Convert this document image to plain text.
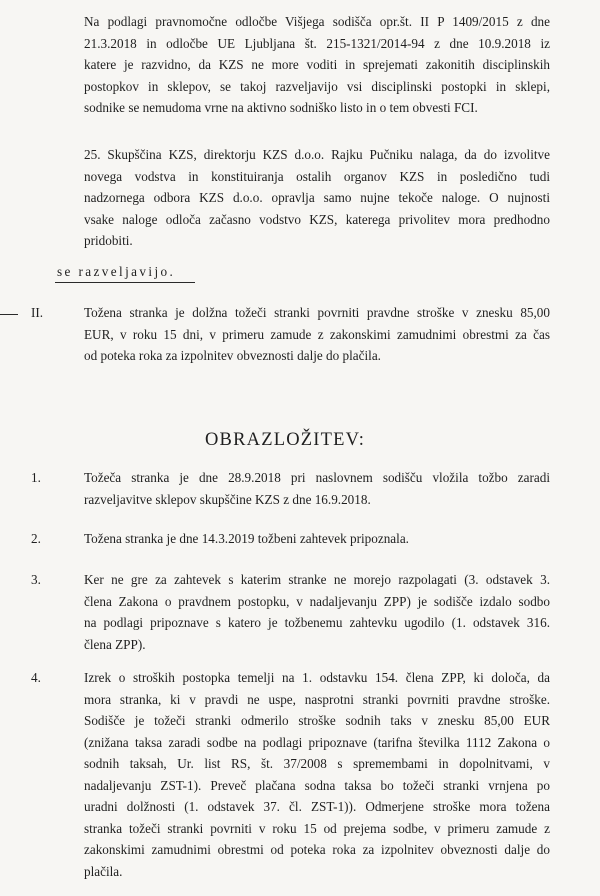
Na podlagi pravnomočne odločbe Višjega sodišča opr.št. II P 1409/2015 z dne
21.3.2018 in odločbe UE Ljubljana št. 215-1321/2014-94 z dne 10.9.2018 iz
katere je razvidno, da KZS ne more voditi in sprejemati zakonitih disciplinskih
postopkov in sklepov, se takoj razveljavijo vsi disciplinski postopki in sklepi,
sodnike se nemudoma vrne na aktivno sodniško listo in o tem obvesti FCI.
25. Skupščina KZS, direktorju KZS d.o.o. Rajku Pučniku nalaga, da do izvolitve
novega vodstva in konstituiranja ostalih organov KZS in posledično tudi
nadzornega odbora KZS d.o.o. opravlja samo nujne tekoče naloge. O nujnosti
vsake naloge odloča začasno vodstvo KZS, katerega privolitev mora predhodno
pridobiti.
se razveljavijo.
II.	Tožena stranka je dolžna tožeči stranki povrniti pravdne stroške v znesku 85,00
EUR, v roku 15 dni, v primeru zamude z zakonskimi zamudnimi obrestmi za čas
od poteka roka za izpolnitev obveznosti dalje do plačila.
OBRAZLOŽITEV:
1.	Tožeča stranka je dne 28.9.2018 pri naslovnem sodišču vložila tožbo zaradi
razveljavitve sklepov skupščine KZS z dne 16.9.2018.
2.	Tožena stranka je dne 14.3.2019 tožbeni zahtevek pripoznala.
3.	Ker ne gre za zahtevek s katerim stranke ne morejo razpolagati (3. odstavek 3.
člena Zakona o pravdnem postopku, v nadaljevanju ZPP) je sodišče izdalo sodbo
na podlagi pripoznave s katero je tožbenemu zahtevku ugodilo (1. odstavek 316.
člena ZPP).
4.	Izrek o stroških postopka temelji na 1. odstavku 154. člena ZPP, ki določa, da
mora stranka, ki v pravdi ne uspe, nasprotni stranki povrniti pravdne stroške.
Sodišče je tožeči stranki odmerilo stroške sodnih taks v znesku 85,00 EUR
(znižana taksa zaradi sodbe na podlagi pripoznave (tarifna številka 1112 Zakona o
sodnih taksah, Ur. list RS, št. 37/2008 s spremembami in dopolnitvami, v
nadaljevanju ZST-1). Preveč plačana sodna taksa bo tožeči stranki vrnjena po
uradni dolžnosti (1. odstavek 37. čl. ZST-1)). Odmerjene stroške mora tožena
stranka tožeči stranki povrniti v roku 15 od prejema sodbe, v primeru zamude z
zakonskimi zamudnimi obrestmi od poteka roka za izpolnitev obveznosti dalje do
plačila.
